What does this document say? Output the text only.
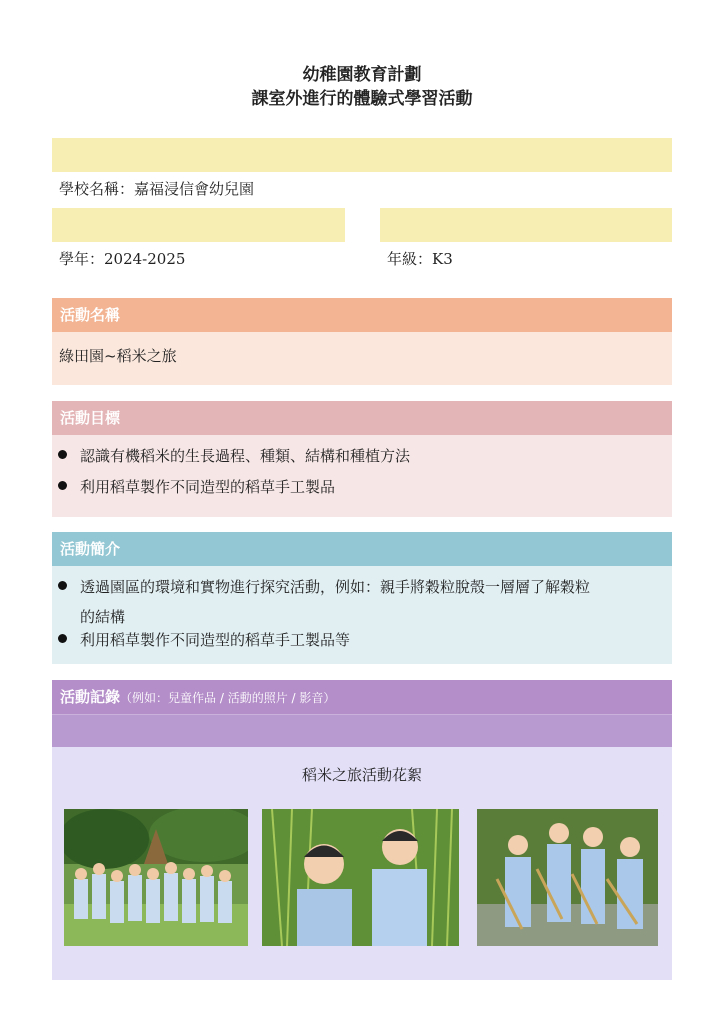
幼稚園教育計劃
課室外進行的體驗式學習活動
學校名稱：嘉福浸信會幼兒園
學年：2024-2025	年級：K3
活動名稱
綠田園~稻米之旅
活動目標
認識有機稻米的生長過程、種類、結構和種植方法
利用稻草製作不同造型的稻草手工製品
活動簡介
透過園區的環境和實物進行探究活動，例如：親手將穀粒脫殼一層層了解穀粒
的結構
利用稻草製作不同造型的稻草手工製品等
活動記錄（例如：兒童作品 / 活動的照片 / 影音）
稻米之旅活動花絮
